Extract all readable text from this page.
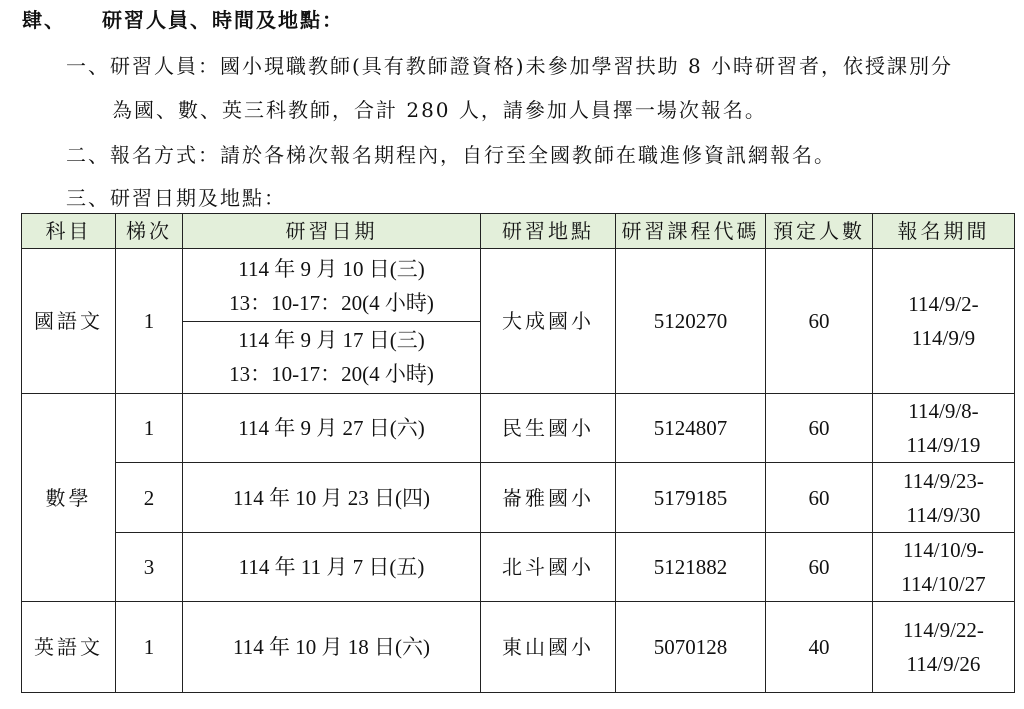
肆、 研習人員、時間及地點：
一、研習人員：國小現職教師(具有教師證資格)未參加學習扶助 8 小時研習者，依授課別分
為國、數、英三科教師，合計 280 人，請參加人員擇一場次報名。
二、報名方式：請於各梯次報名期程內，自行至全國教師在職進修資訊網報名。
三、研習日期及地點：
科目	梯次	研習日期	研習地點	研習課程代碼	預定人數	報名期間
國語文	1	114 年 9 月 10 日(三)
13：10-17：20(4 小時)
114 年 9 月 17 日(三)
13：10-17：20(4 小時)	大成國小	5120270	60	114/9/2-
114/9/9

數學	1	114 年 9 月 27 日(六)	民生國小	5124807	60	114/9/8-
114/9/19

	2	114 年 10 月 23 日(四)	崙雅國小	5179185	60	114/9/23-
114/9/30

	3	114 年 11 月 7 日(五)	北斗國小	5121882	60	114/10/9-
114/10/27

英語文	1	114 年 10 月 18 日(六)	東山國小	5070128	40	114/9/22-
114/9/26
